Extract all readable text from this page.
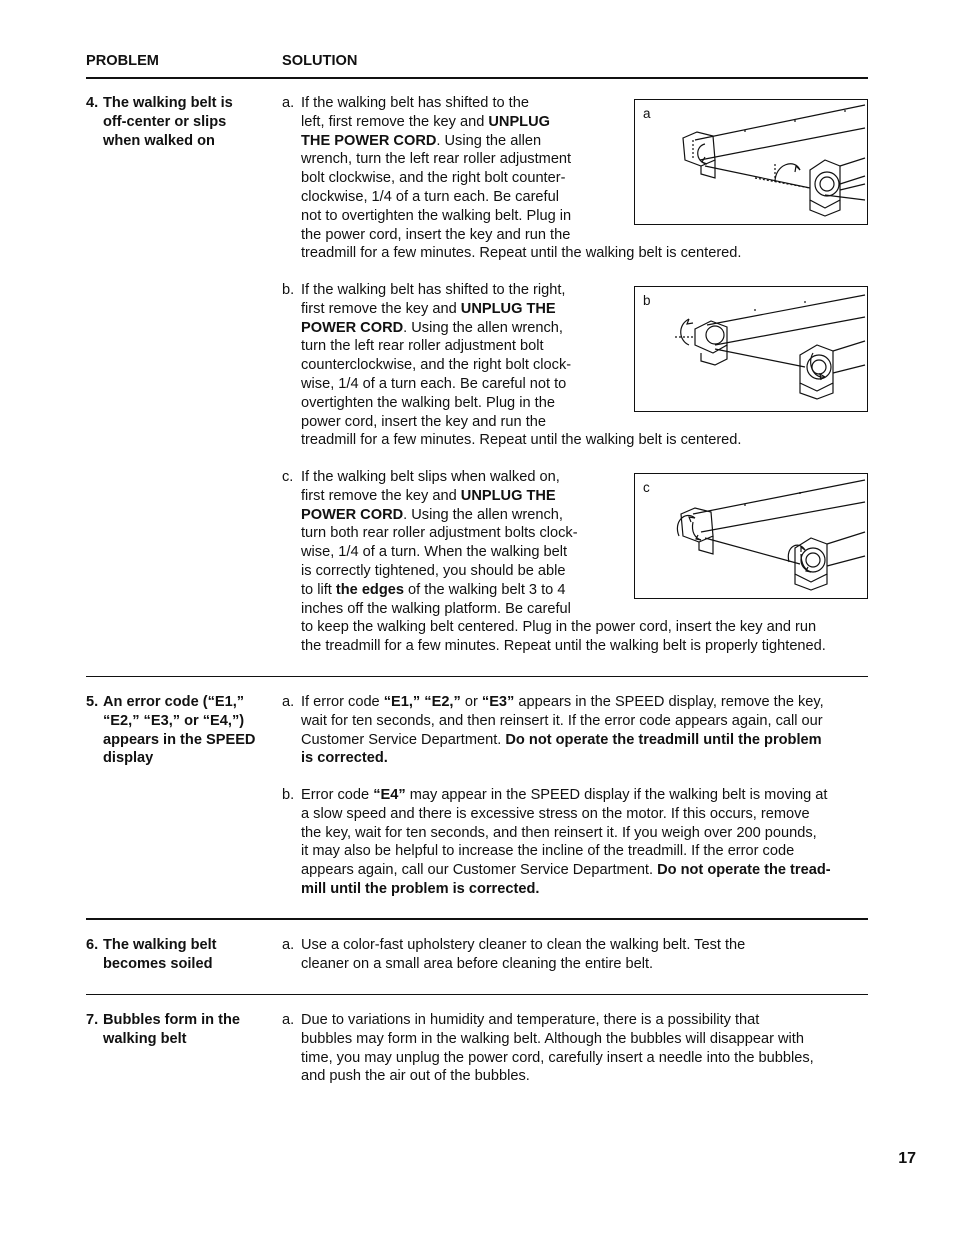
PROBLEM	SOLUTION
4. The walking belt is
off-center or slips
when walked on
a. If the walking belt has shifted to the
left, first remove the key and UNPLUG
THE POWER CORD. Using the allen
wrench, turn the left rear roller adjustment
bolt clockwise, and the right bolt counter-
clockwise, 1/4 of a turn each. Be careful
not to overtighten the walking belt. Plug in
the power cord, insert the key and run the
treadmill for a few minutes. Repeat until the walking belt is centered.
a
b. If the walking belt has shifted to the right,
first remove the key and UNPLUG THE
POWER CORD. Using the allen wrench,
turn the left rear roller adjustment bolt
counterclockwise, and the right bolt clock-
wise, 1/4 of a turn each. Be careful not to
overtighten the walking belt. Plug in the
power cord, insert the key and run the
treadmill for a few minutes. Repeat until the walking belt is centered.
b
c. If the walking belt slips when walked on,
first remove the key and UNPLUG THE
POWER CORD. Using the allen wrench,
turn both rear roller adjustment bolts clock-
wise, 1/4 of a turn. When the walking belt
is correctly tightened, you should be able
to lift the edges of the walking belt 3 to 4
inches off the walking platform. Be careful
to keep the walking belt centered. Plug in the power cord, insert the key and run
the treadmill for a few minutes. Repeat until the walking belt is properly tightened.
c
5. An error code (“E1,”
“E2,” “E3,” or “E4,”)
appears in the SPEED
display
a. If error code “E1,” “E2,” or “E3” appears in the SPEED display, remove the key,
wait for ten seconds, and then reinsert it. If the error code appears again, call our
Customer Service Department. Do not operate the treadmill until the problem
is corrected.
b. Error code “E4” may appear in the SPEED display if the walking belt is moving at
a slow speed and there is excessive stress on the motor. If this occurs, remove
the key, wait for ten seconds, and then reinsert it. If you weigh over 200 pounds,
it may also be helpful to increase the incline of the treadmill. If the error code
appears again, call our Customer Service Department. Do not operate the tread-
mill until the problem is corrected.
6. The walking belt
becomes soiled
a. Use a color-fast upholstery cleaner to clean the walking belt. Test the
cleaner on a small area before cleaning the entire belt.
7. Bubbles form in the
walking belt
a. Due to variations in humidity and temperature, there is a possibility that
bubbles may form in the walking belt. Although the bubbles will disappear with
time, you may unplug the power cord, carefully insert a needle into the bubbles,
and push the air out of the bubbles.
17
